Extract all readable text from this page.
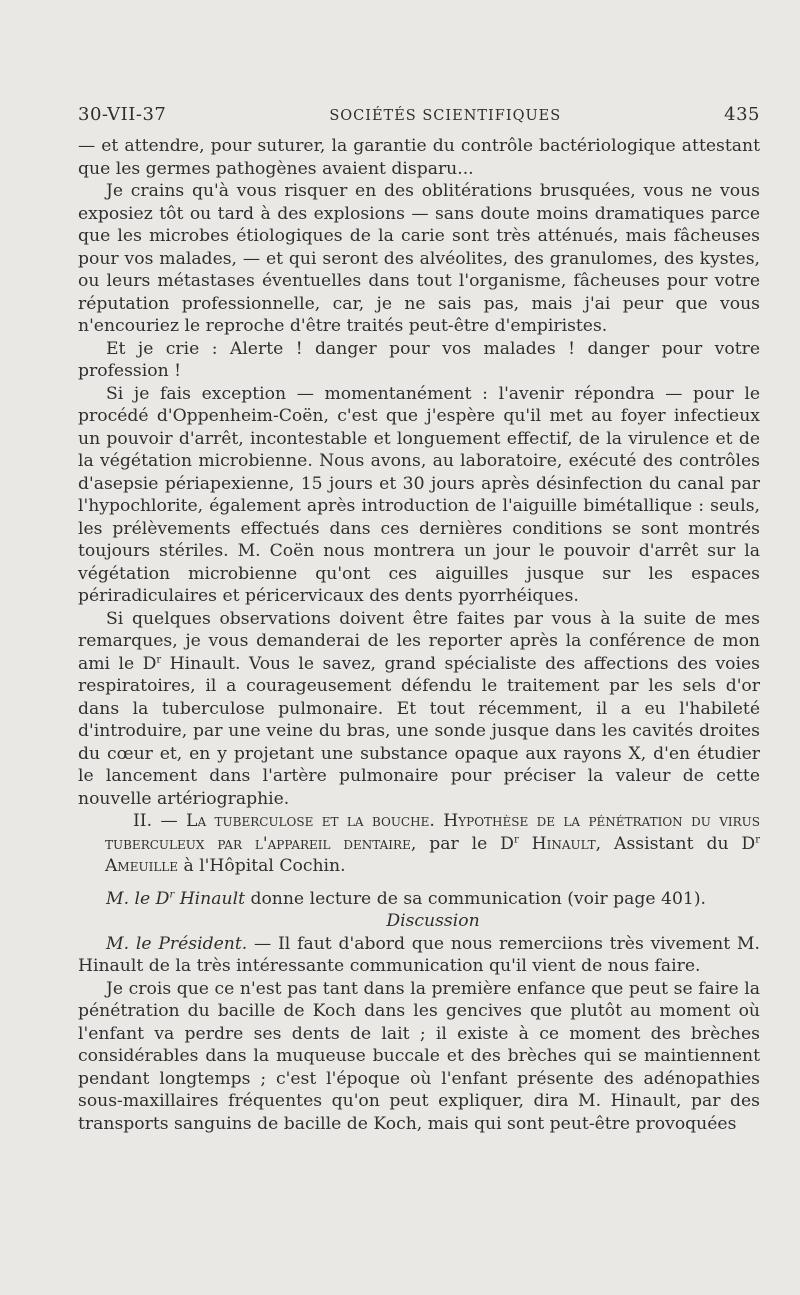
30-VII-37	SOCIÉTÉS SCIENTIFIQUES	435

— et attendre, pour suturer, la garantie du contrôle bactériologique attestant que les germes pathogènes avaient disparu...

Je crains qu'à vous risquer en des oblitérations brusquées, vous ne vous exposiez tôt ou tard à des explosions — sans doute moins dramatiques parce que les microbes étiologiques de la carie sont très atténués, mais fâcheuses pour vos malades, — et qui seront des alvéolites, des granulomes, des kystes, ou leurs métastases éventuelles dans tout l'organisme, fâcheuses pour votre réputation professionnelle, car, je ne sais pas, mais j'ai peur que vous n'encouriez le reproche d'être traités peut-être d'empiristes.

Et je crie : Alerte ! danger pour vos malades ! danger pour votre profession !

Si je fais exception — momentanément : l'avenir répondra — pour le procédé d'Oppenheim-Coën, c'est que j'espère qu'il met au foyer infectieux un pouvoir d'arrêt, incontestable et longuement effectif, de la virulence et de la végétation microbienne. Nous avons, au laboratoire, exécuté des contrôles d'asepsie périapexienne, 15 jours et 30 jours après désinfection du canal par l'hypochlorite, également après introduction de l'aiguille bimétallique : seuls, les prélèvements effectués dans ces dernières conditions se sont montrés toujours stériles. M. Coën nous montrera un jour le pouvoir d'arrêt sur la végétation microbienne qu'ont ces aiguilles jusque sur les espaces périradiculaires et péricervicaux des dents pyorrhéiques.

Si quelques observations doivent être faites par vous à la suite de mes remarques, je vous demanderai de les reporter après la conférence de mon ami le $D^r$ Hinault. Vous le savez, grand spécialiste des affections des voies respiratoires, il a courageusement défendu le traitement par les sels d'or dans la tuberculose pulmonaire. Et tout récemment, il a eu l'habileté d'introduire, par une veine du bras, une sonde jusque dans les cavités droites du cœur et, en y projetant une substance opaque aux rayons X, d'en étudier le lancement dans l'artère pulmonaire pour préciser la valeur de cette nouvelle artériographie.

II. — La tuberculose et la bouche. Hypothèse de la pénétration du virus tuberculeux par l'appareil dentaire, par le $D^r$ Hinault, Assistant du $D^r$ Ameuille à l'Hôpital Cochin.

M. le $D^r$ Hinault donne lecture de sa communication (voir page 401).

Discussion

M. le Président. — Il faut d'abord que nous remerciions très vivement M. Hinault de la très intéressante communication qu'il vient de nous faire.

Je crois que ce n'est pas tant dans la première enfance que peut se faire la pénétration du bacille de Koch dans les gencives que plutôt au moment où l'enfant va perdre ses dents de lait ; il existe à ce moment des brèches considérables dans la muqueuse buccale et des brèches qui se maintiennent pendant longtemps ; c'est l'époque où l'enfant présente des adénopathies sous-maxillaires fréquentes qu'on peut expliquer, dira M. Hinault, par des transports sanguins de bacille de Koch, mais qui sont peut-être provoquées
